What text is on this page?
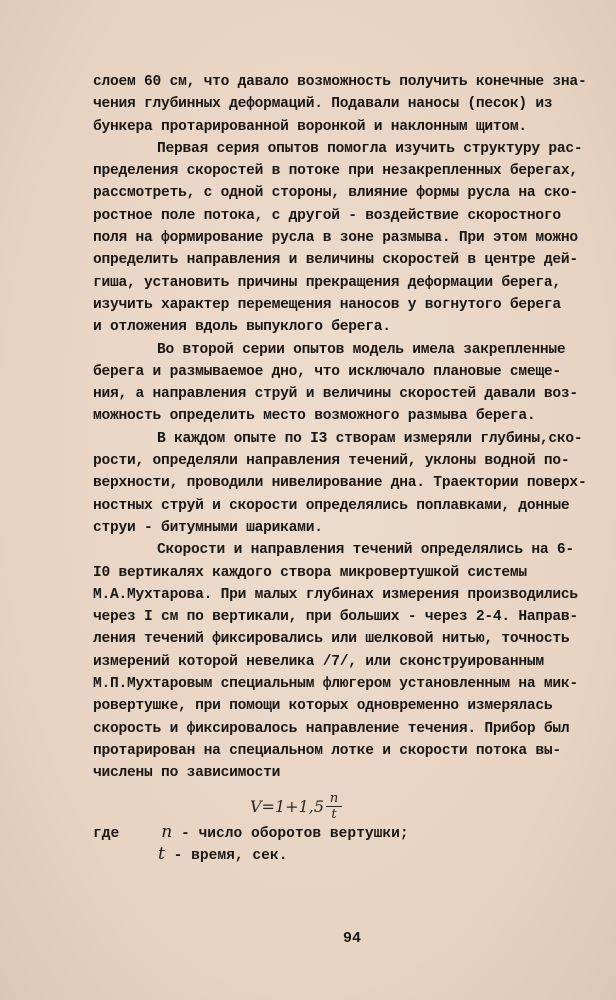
слоем 60 см, что давало возможность получить конечные зна-
чения глубинных деформаций. Подавали наносы (песок) из
бункера протарированной воронкой и наклонным щитом.
Первая серия опытов помогла изучить структуру рас-
пределения скоростей в потоке при незакрепленных берегах,
рассмотреть, с одной стороны, влияние формы русла на ско-
ростное поле потока, с другой - воздействие скоростного
поля на формирование русла в зоне размыва. При этом можно
определить направления и величины скоростей в центре дей-
гиша, установить причины прекращения деформации берега,
изучить характер перемещения наносов у вогнутого берега
и отложения вдоль выпуклого берега.
Во второй серии опытов модель имела закрепленные
берега и размываемое дно, что исключало плановые смеще-
ния, а направления струй и величины скоростей давали воз-
можность определить место возможного размыва берега.
В каждом опыте по I3 створам измеряли глубины,ско-
рости, определяли направления течений, уклоны водной по-
верхности, проводили нивелирование дна. Траектории поверх-
ностных струй и скорости определялись поплавками, донные
струи - битумными шариками.
Скорости и направления течений определялись на 6-
I0 вертикалях каждого створа микровертушкой системы
М.А.Мухтарова. При малых глубинах измерения производились
через I см по вертикали, при больших - через 2-4. Направ-
ления течений фиксировались или шелковой нитью, точность
измерений которой невелика /7/, или сконструированным
М.П.Мухтаровым специальным флюгером установленным на мик-
ровертушке, при помощи которых одновременно измерялась
скорость и фиксировалось направление течения. Прибор был
протарирован на специальном лотке и скорости потока вы-
числены по зависимости
$V=1+1,5 \frac{n}{t}$
где n - число оборотов вертушки;
t - время, сек.
94
